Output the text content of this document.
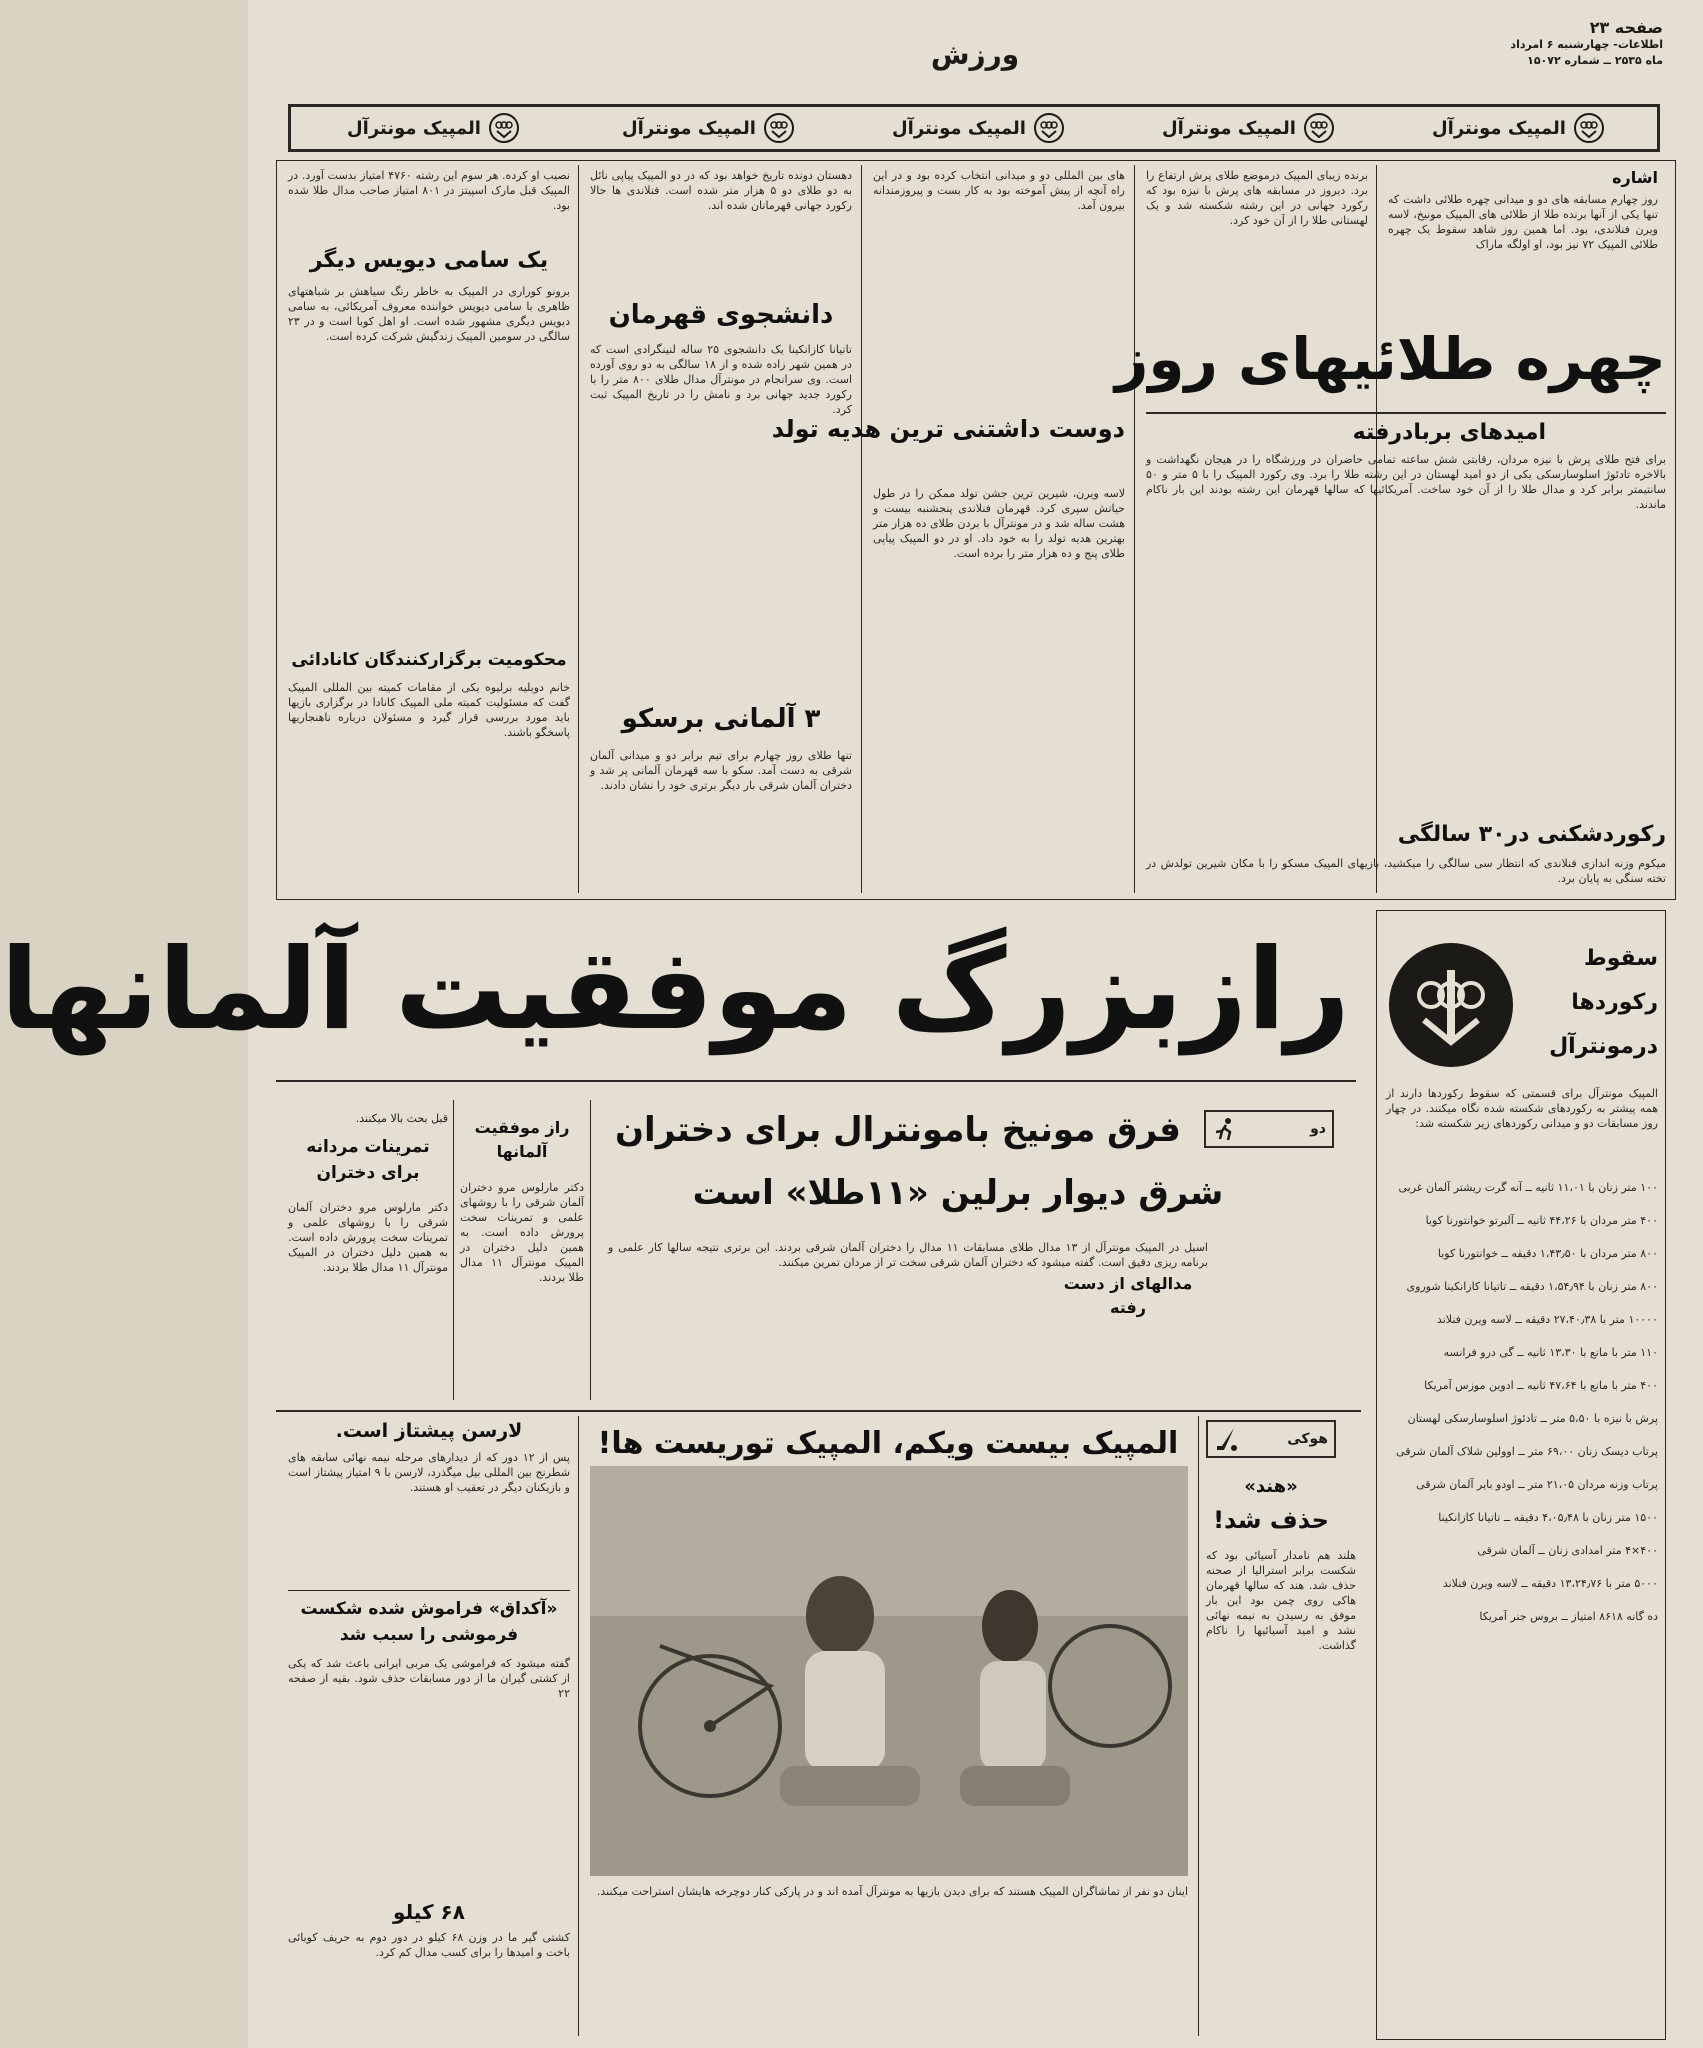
صفحه ۲۳
اطلاعات- چهارشنبه ۶ امرداد
ماه ۲۵۳۵ ــ شماره ۱۵۰۷۲
ورزش
المپیک مونترآل
المپیک مونترآل
المپیک مونترآل
المپیک مونترآل
المپیک مونترآل
اشاره
روز چهارم مسابقه های دو و میدانی چهره طلائی داشت که تنها یکی از آنها برنده طلا از طلائی های المپیک مونیخ، لاسه ویرن فنلاندی، بود. اما همین روز شاهد سقوط یک چهره طلائی المپیک ۷۲ نیز بود، او اولگه ماراک
برنده زیبای المپیک درموضع طلای پرش ارتفاع را برد. دیروز در مسابقه های پرش با نیزه بود که رکورد جهانی در این رشته شکسته شد و یک لهستانی طلا را از آن خود کرد.
چهره طلائیهای روز
امیدهای بربادرفته
برای فتح طلای پرش با نیزه مردان، رقابتی شش ساعته تمامی حاضران در ورزشگاه را در هیجان نگهداشت و بالاخره تادئوژ اسلوسارسکی یکی از دو امید لهستان در این رشته طلا را برد. وی رکورد المپیک را با ۵ متر و ۵۰ سانتیمتر برابر کرد و مدال طلا را از آن خود ساخت. آمریکائیها که سالها قهرمان این رشته بودند این بار ناکام ماندند.
رکوردشکنی در۳۰ سالگی
میکوم وزنه اندازی فنلاندی که انتظار سی سالگی را میکشید، بازیهای المپیک مسکو را با مکان شیرین تولدش در تخته سنگی به پایان برد.
های بین المللی دو و میدانی انتخاب کرده بود و در این راه آنچه از پیش آموخته بود به کار بست و پیروزمندانه بیرون آمد.
دوست داشتنی ترین هدیه تولد
لاسه ویرن، شیرین ترین جشن تولد ممکن را در طول حیاتش سپری کرد. قهرمان فنلاندی پنجشنبه بیست و هشت ساله شد و در مونترآل با بردن طلای ده هزار متر بهترین هدیه تولد را به خود داد. او در دو المپیک پیاپی طلای پنج و ده هزار متر را برده است.
دهستان دونده تاریخ خواهد بود که در دو المپیک پیاپی نائل به دو طلای دو ۵ هزار متر شده است. فنلاندی ها حالا رکورد جهانی قهرمانان شده اند.
دانشجوی قهرمان
تاتیانا کازانکینا یک دانشجوی ۲۵ ساله لنینگرادی است که در همین شهر زاده شده و از ۱۸ سالگی به دو روی آورده است. وی سرانجام در مونترآل مدال طلای ۸۰۰ متر را با رکورد جدید جهانی برد و نامش را در تاریخ المپیک ثبت کرد.
۳ آلمانی برسکو
تنها طلای روز چهارم برای تیم برابر دو و میدانی آلمان شرقی به دست آمد. سکو با سه قهرمان آلمانی پر شد و دختران آلمان شرقی بار دیگر برتری خود را نشان دادند.
نصیب او کرده. هر سوم این رشته ۴۷۶۰ امتیاز بدست آورد. در المپیک قبل مارک اسپیتز در ۸۰۱ امتیاز صاحب مدال طلا شده بود.
یک سامی دیویس دیگر
برونو کوراری در المپیک به خاطر رنگ سیاهش بر شباهتهای ظاهری با سامی دیویس خواننده معروف آمریکائی، به سامی دیویس دیگری مشهور شده است. او اهل کوبا است و در ۲۳ سالگی در سومین المپیک زندگیش شرکت کرده است.
محکومیت برگزارکنندگان کانادائی
خانم دوبلیه برلیوه یکی از مقامات کمیته بین المللی المپیک گفت که مسئولیت کمیته ملی المپیک کانادا در برگزاری بازیها باید مورد بررسی قرار گیرد و مسئولان درباره ناهنجاریها پاسخگو باشند.
رازبزرگ موفقیت آلمانها	سقوط
رکوردها
درمونترآل
المپیک مونترآل برای قسمتی که سقوط رکوردها دارند از همه پیشتر به رکوردهای شکسته شده نگاه میکنند. در چهار روز مسابقات دو و میدانی رکوردهای زیر شکسته شد:
۱۰۰ متر زنان با ۱۱،۰۱ ثانیه ــ آنه گرت ریشتر آلمان غربی
۴۰۰ متر مردان با ۴۴،۲۶ ثانیه ــ آلبرتو خوانتورنا کوبا
۸۰۰ متر مردان با ۱،۴۳٫۵۰ دقیقه ــ خوانتورنا کوبا
۸۰۰ متر زنان با ۱،۵۴٫۹۴ دقیقه ــ تاتیانا کازانکینا شوروی
۱۰۰۰۰ متر با ۲۷،۴۰٫۳۸ دقیقه ــ لاسه ویرن فنلاند
۱۱۰ متر با مانع با ۱۳،۳۰ ثانیه ــ گی درو فرانسه
۴۰۰ متر با مانع با ۴۷،۶۴ ثانیه ــ ادوین موزس آمریکا
پرش با نیزه با ۵،۵۰ متر ــ تادئوژ اسلوسارسکی لهستان
پرتاب دیسک زنان ۶۹،۰۰ متر ــ اوولین شلاک آلمان شرقی
پرتاب وزنه مردان ۲۱،۰۵ متر ــ اودو بایر آلمان شرقی
۱۵۰۰ متر زنان با ۴،۰۵٫۴۸ دقیقه ــ تاتیانا کازانکینا
۴۰۰×۴ متر امدادی زنان ــ آلمان شرقی
۵۰۰۰ متر با ۱۳،۲۴٫۷۶ دقیقه ــ لاسه ویرن فنلاند
ده گانه ۸۶۱۸ امتیاز ــ بروس جنر آمریکا
دو
فرق مونیخ بامونترال برای دختران
شرق دیوار برلین «۱۱طلا» است
مدالهای از دست رفته
اسیل در المپیک مونترآل از ۱۳ مدال طلای مسابقات ۱۱ مدال را دختران آلمان شرقی بردند. این برتری نتیجه سالها کار علمی و برنامه ریزی دقیق است. گفته میشود که دختران آلمان شرقی سخت تر از مردان تمرین میکنند.
راز موفقیت آلمانها
دکتر مارلوس مرو دختران آلمان شرقی را با روشهای علمی و تمرینات سخت پرورش داده است. به همین دلیل دختران در المپیک مونترآل ۱۱ مدال طلا بردند.
قبل بحث بالا میکنند.
تمرینات مردانه برای دختران
دکتر مارلوس مرو دختران آلمان شرقی را با روشهای علمی و تمرینات سخت پرورش داده است. به همین دلیل دختران در المپیک مونترآل ۱۱ مدال طلا بردند.
المپیک بیست ویکم، المپیک توریست ها!
اینان دو نفر از تماشاگران المپیک هستند که برای دیدن بازیها به مونترآل آمده اند و در پارکی کنار دوچرخه هایشان استراحت میکنند.
هوکی
«هند»
حذف شد!
هلند هم نامدار آسیائی بود که شکست برابر استرالیا از صحنه حذف شد. هند که سالها قهرمان هاکی روی چمن بود این بار موفق به رسیدن به نیمه نهائی نشد و امید آسیائیها را ناکام گذاشت.
لارسن پیشتاز است.
پس از ۱۲ دور که از دیدارهای مرحله نیمه نهائی سابقه های شطرنج بین المللی بیل میگذرد، لارسن با ۹ امتیاز پیشتاز است و بازیکنان دیگر در تعقیب او هستند.
«آکداق» فراموش شده شکست فرموشی را سبب شد
گفته میشود که فراموشی یک مربی ایرانی باعث شد که یکی از کشتی گیران ما از دور مسابقات حذف شود. بقیه از صفحه ۲۲
۶۸ کیلو
کشتی گیر ما در وزن ۶۸ کیلو در دور دوم به حریف کوبائی باخت و امیدها را برای کسب مدال کم کرد.
